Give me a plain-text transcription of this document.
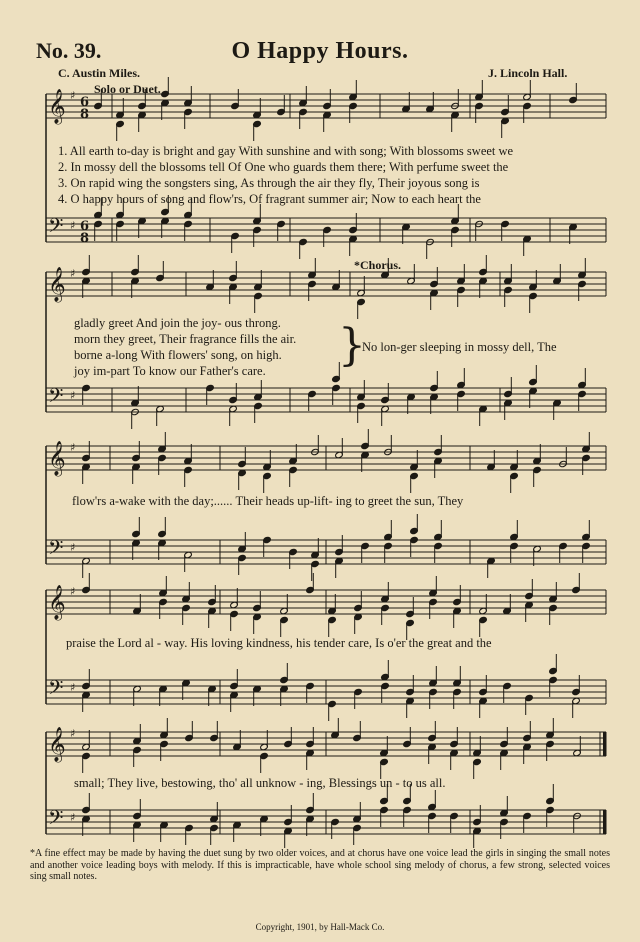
𝄞
𝄢
♯
♯
6
8
6
8
𝄞
𝄢
♯
♯
𝄞
𝄢
♯
♯
𝄞
𝄢
♯
♯
𝄞
𝄢
♯
♯
}
No. 39.	O Happy Hours.
C. Austin Miles.	J. Lincoln Hall.
Solo or Duet.
1. All earth to-day is bright and gay With sunshine and with song; With blossoms sweet we
2. In mossy dell the blossoms tell Of One who guards them there; With perfume sweet the
3. On rapid wing the songsters sing, As through the air they fly, Their joyous song is
4. O happy hours of song and flow'rs, Of fragrant summer air; Now to each heart the
gladly greet And join the joy- ous throng.
morn they greet, Their fragrance fills the air.
borne a-long With flowers' song, on high.
joy im-part To know our Father's care.
*Chorus.
No lon-ger sleeping in mossy dell, The
flow'rs a-wake with the day;...... Their heads up-lift- ing to greet the sun, They
praise the Lord al - way. His loving kindness, his tender care, Is o'er the great and the
small; They live, bestowing, tho' all unknow - ing, Blessings un - to us all.
*A fine effect may be made by having the duet sung by two older voices, and at chorus have one voice lead the girls in singing the small notes and another voice leading boys with melody. If this is impracticable, have whole school sing melody of chorus, a few strong, selected voices sing small notes.
Copyright, 1901, by Hall-Mack Co.
